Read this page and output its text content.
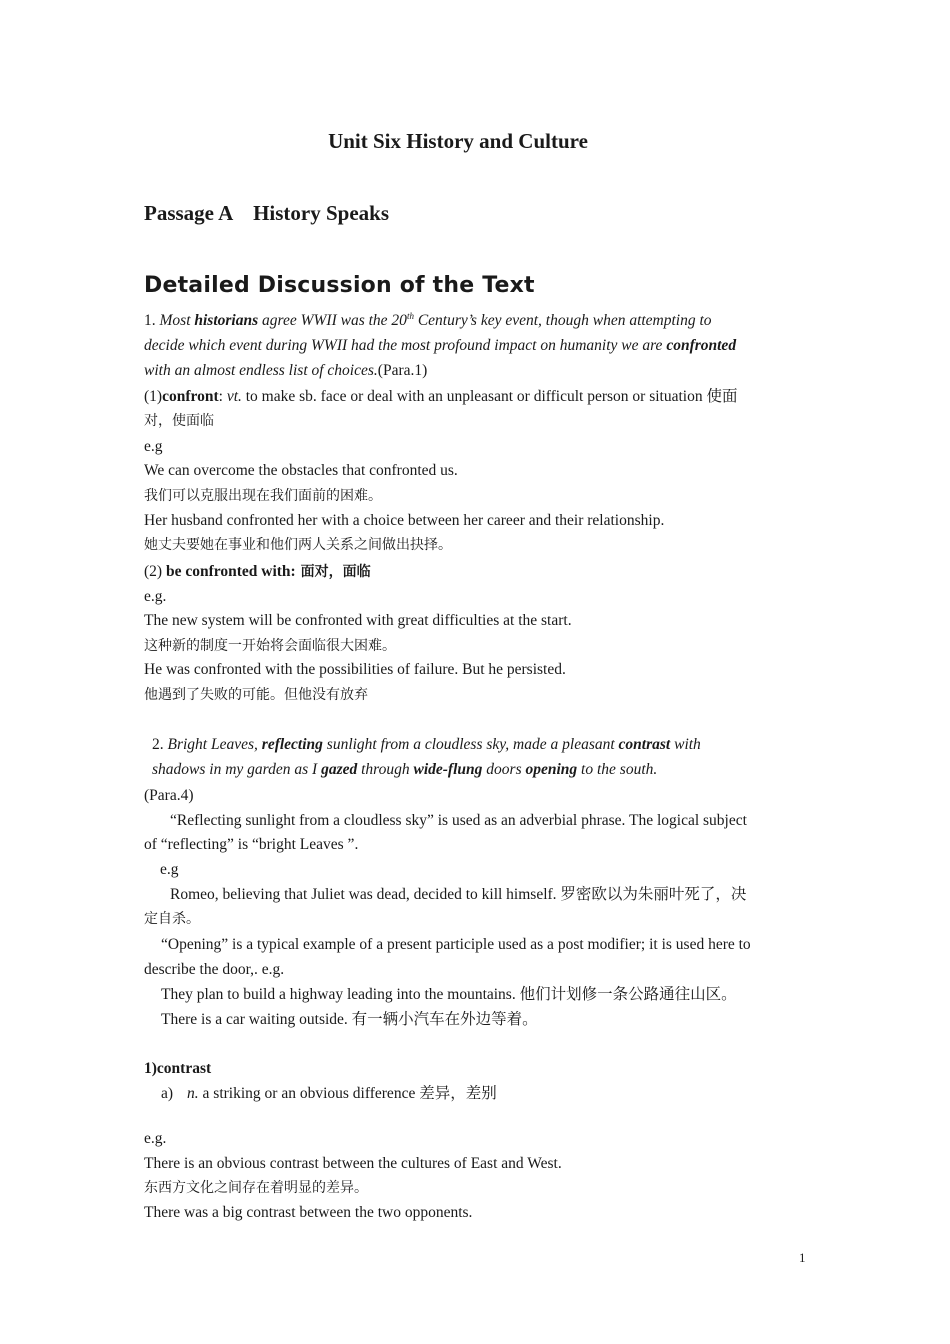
Unit Six History and Culture
Passage A    History Speaks
Detailed Discussion of the Text
1. Most historians agree WWII was the 20th Century’s key event, though when attempting to
decide which event during WWII had the most profound impact on humanity we are confronted
with an almost endless list of choices.(Para.1)
(1)confront: vt. to make sb. face or deal with an unpleasant or difficult person or situation 使面
对，使面临
e.g
We can overcome the obstacles that confronted us.
我们可以克服出现在我们面前的困难。
Her husband confronted her with a choice between her career and their relationship.
她丈夫要她在事业和他们两人关系之间做出抉择。
(2) be confronted with: 面对，面临
e.g.
The new system will be confronted with great difficulties at the start.
这种新的制度一开始将会面临很大困难。
He was confronted with the possibilities of failure. But he persisted.
他遇到了失败的可能。但他没有放弃
2. Bright Leaves, reflecting sunlight from a cloudless sky, made a pleasant contrast with
shadows in my garden as I gazed through wide-flung doors opening to the south.
(Para.4)
“Reflecting sunlight from a cloudless sky” is used as an adverbial phrase. The logical subject
of “reflecting” is “bright Leaves ”.
e.g
Romeo, believing that Juliet was dead, decided to kill himself. 罗密欧以为朱丽叶死了，决
定自杀。
“Opening” is a typical example of a present participle used as a post modifier; it is used here to
describe the door,. e.g.
They plan to build a highway leading into the mountains. 他们计划修一条公路通往山区。
There is a car waiting outside. 有一辆小汽车在外边等着。
1)contrast
a) n. a striking or an obvious difference 差异，差别
e.g.
There is an obvious contrast between the cultures of East and West.
东西方文化之间存在着明显的差异。
There was a big contrast between the two opponents.
1
